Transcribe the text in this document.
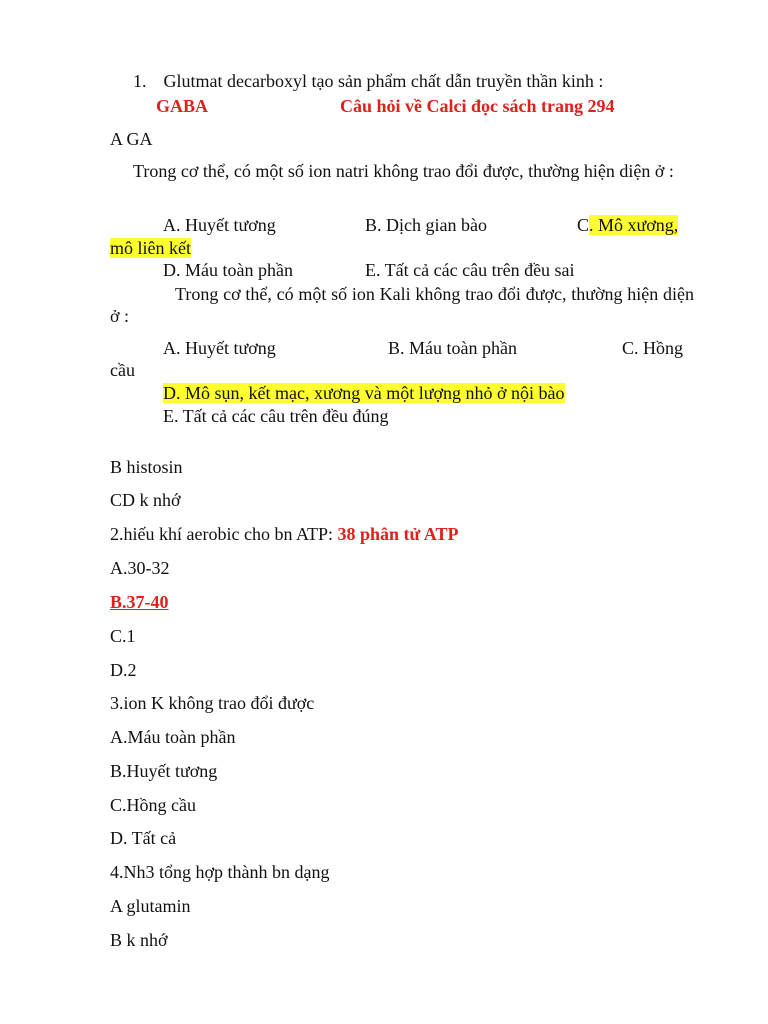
1. Glutmat decarboxyl tạo sản phẩm chất dẫn truyền thần kinh :
GABA	Câu hỏi về Calci đọc sách trang 294
A GA
Trong cơ thể, có một số ion natri không trao đổi được, thường hiện diện ở :
A. Huyết tương	B. Dịch gian bào	C. Mô xương,
mô liên kết
D. Máu toàn phần	E. Tất cả các câu trên đều sai
Trong cơ thể, có một số ion Kali không trao đổi được, thường hiện diện ở :
A. Huyết tương	B. Máu toàn phần	C. Hồng
cầu
D. Mô sụn, kết mạc, xương và một lượng nhỏ ở nội bào
E. Tất cả các câu trên đều đúng
B histosin
CD k nhớ
2.hiếu khí aerobic cho bn ATP: 38 phân tử ATP
A.30-32
B.37-40
C.1
D.2
3.ion K không trao đổi được
A.Máu toàn phần
B.Huyết tương
C.Hồng cầu
D. Tất cả
4.Nh3 tổng hợp thành bn dạng
A glutamin
B k nhớ
